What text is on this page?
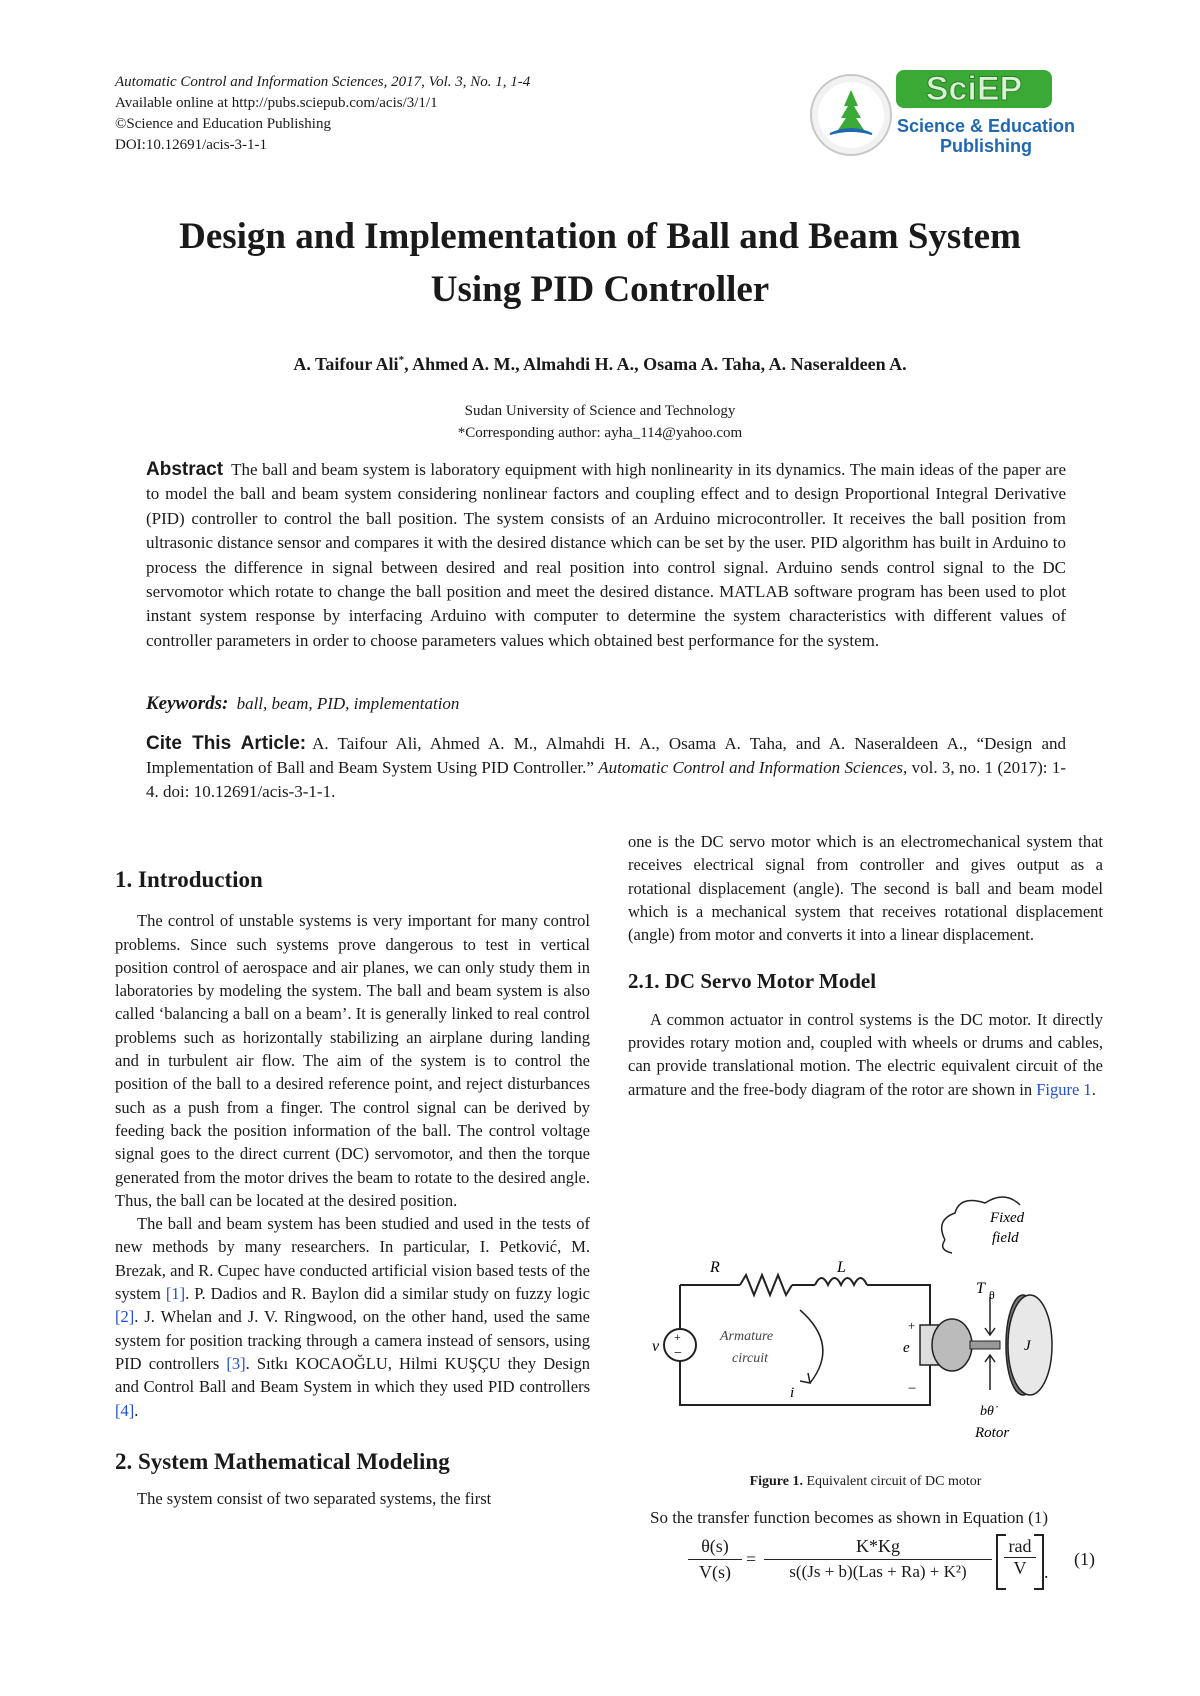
Automatic Control and Information Sciences, 2017, Vol. 3, No. 1, 1-4
Available online at http://pubs.sciepub.com/acis/3/1/1
©Science and Education Publishing
DOI:10.12691/acis-3-1-1
SciEP
Science & Education
Publishing
Design and Implementation of Ball and Beam System
Using PID Controller
A. Taifour Ali*, Ahmed A. M., Almahdi H. A., Osama A. Taha, A. Naseraldeen A.
Sudan University of Science and Technology
*Corresponding author: ayha_114@yahoo.com
Abstract The ball and beam system is laboratory equipment with high nonlinearity in its dynamics. The main ideas of the paper are to model the ball and beam system considering nonlinear factors and coupling effect and to design Proportional Integral Derivative (PID) controller to control the ball position. The system consists of an Arduino microcontroller. It receives the ball position from ultrasonic distance sensor and compares it with the desired distance which can be set by the user. PID algorithm has built in Arduino to process the difference in signal between desired and real position into control signal. Arduino sends control signal to the DC servomotor which rotate to change the ball position and meet the desired distance. MATLAB software program has been used to plot instant system response by interfacing Arduino with computer to determine the system characteristics with different values of controller parameters in order to choose parameters values which obtained best performance for the system.
Keywords: ball, beam, PID, implementation
Cite This Article: A. Taifour Ali, Ahmed A. M., Almahdi H. A., Osama A. Taha, and A. Naseraldeen A., “Design and Implementation of Ball and Beam System Using PID Controller.” Automatic Control and Information Sciences, vol. 3, no. 1 (2017): 1-4. doi: 10.12691/acis-3-1-1.
1. Introduction

The control of unstable systems is very important for many control problems. Since such systems prove dangerous to test in vertical position control of aerospace and air planes, we can only study them in laboratories by modeling the system. The ball and beam system is also called ‘balancing a ball on a beam’. It is generally linked to real control problems such as horizontally stabilizing an airplane during landing and in turbulent air flow. The aim of the system is to control the position of the ball to a desired reference point, and reject disturbances such as a push from a finger. The control signal can be derived by feeding back the position information of the ball. The control voltage signal goes to the direct current (DC) servomotor, and then the torque generated from the motor drives the beam to rotate to the desired angle. Thus, the ball can be located at the desired position.

The ball and beam system has been studied and used in the tests of new methods by many researchers. In particular, I. Petković, M. Brezak, and R. Cupec have conducted artificial vision based tests of the system [1]. P. Dadios and R. Baylon did a similar study on fuzzy logic [2]. J. Whelan and J. V. Ringwood, on the other hand, used the same system for position tracking through a camera instead of sensors, using PID controllers [3]. Sıtkı KOCAOĞLU, Hilmi KUŞÇU they Design and Control Ball and Beam System in which they used PID controllers [4].

2. System Mathematical Modeling

The system consist of two separated systems, the first

one is the DC servo motor which is an electromechanical system that receives electrical signal from controller and gives output as a rotational displacement (angle). The second is ball and beam model which is a mechanical system that receives rotational displacement (angle) from motor and converts it into a linear displacement.
2.1. DC Servo Motor Model

A common actuator in control systems is the DC motor. It directly provides rotary motion and, coupled with wheels or drums and cables, can provide translational motion. The electric equivalent circuit of the armature and the free-body diagram of the rotor are shown in Figure 1.

+
−
R	L
v
+
e
−
Armature
circuit
i
T θ
J
bθ̇
Rotor
Fixed
field
Figure 1. Equivalent circuit of DC motor
So the transfer function becomes as shown in Equation (1)
θ(s)
V(s)
=
K*Kg
s((Js + b)(Las + Ra) + K²)
rad
V .
(1)
